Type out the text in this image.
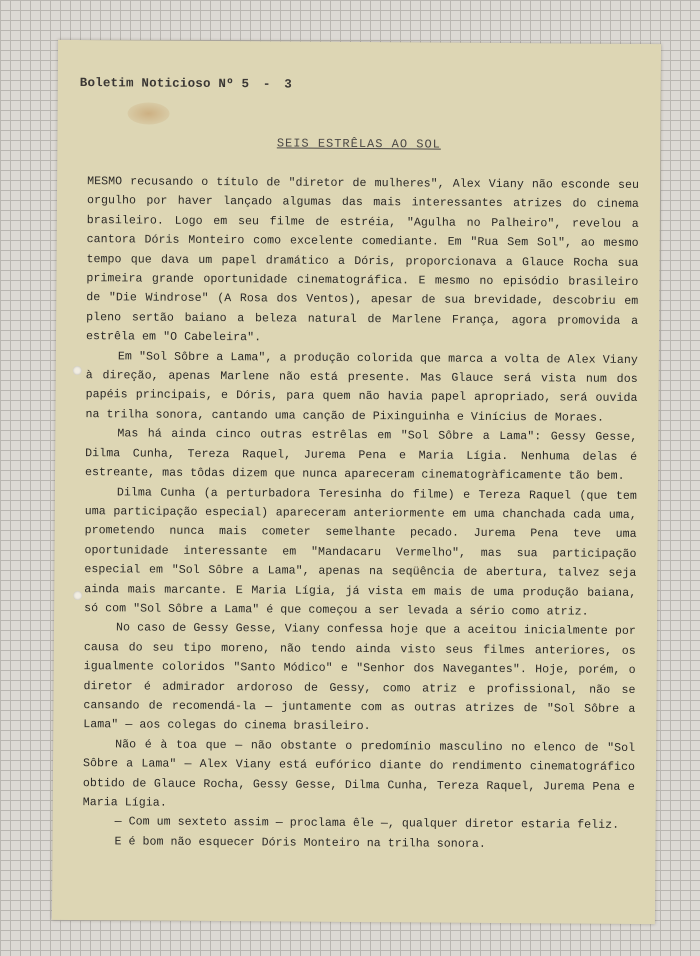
Boletim Noticioso Nº 5 - 3
SEIS ESTRÊLAS AO SOL

MESMO recusando o título de "diretor de mulheres", Alex Viany não esconde seu orgulho por haver lançado algumas das mais interessantes atrizes do cinema brasileiro. Logo em seu filme de estréia, "Agulha no Palheiro", revelou a cantora Dóris Monteiro como excelente comediante. Em "Rua Sem Sol", ao mesmo tempo que dava um papel dramático a Dóris, proporcionava a Glauce Rocha sua primeira grande oportunidade cinematográfica. E mesmo no episódio brasileiro de "Die Windrose" (A Rosa dos Ventos), apesar de sua brevidade, descobriu em pleno sertão baiano a beleza natural de Marlene França, agora promovida a estrêla em "O Cabeleira".

Em "Sol Sôbre a Lama", a produção colorida que marca a volta de Alex Viany à direção, apenas Marlene não está presente. Mas Glauce será vista num dos papéis principais, e Dóris, para quem não havia papel apropriado, será ouvida na trilha sonora, cantando uma canção de Pixinguinha e Vinícius de Moraes.

Mas há ainda cinco outras estrêlas em "Sol Sôbre a Lama": Gessy Gesse, Dilma Cunha, Tereza Raquel, Jurema Pena e Maria Lígia. Nenhuma delas é estreante, mas tôdas dizem que nunca apareceram cinematogràficamente tão bem.

Dilma Cunha (a perturbadora Teresinha do filme) e Tereza Raquel (que tem uma participação especial) apareceram anteriormente em uma chanchada cada uma, prometendo nunca mais cometer semelhante pecado. Jurema Pena teve uma oportunidade interessante em "Mandacaru Vermelho", mas sua participação especial em "Sol Sôbre a Lama", apenas na seqüência de abertura, talvez seja ainda mais marcante. E Maria Lígia, já vista em mais de uma produção baiana, só com "Sol Sôbre a Lama" é que começou a ser levada a sério como atriz.

No caso de Gessy Gesse, Viany confessa hoje que a aceitou inicialmente por causa do seu tipo moreno, não tendo ainda visto seus filmes anteriores, os igualmente coloridos "Santo Módico" e "Senhor dos Navegantes". Hoje, porém, o diretor é admirador ardoroso de Gessy, como atriz e profissional, não se cansando de recomendá-la — juntamente com as outras atrizes de "Sol Sôbre a Lama" — aos colegas do cinema brasileiro.

Não é à toa que — não obstante o predomínio masculino no elenco de "Sol Sôbre a Lama" — Alex Viany está eufórico diante do rendimento cinematográfico obtido de Glauce Rocha, Gessy Gesse, Dilma Cunha, Tereza Raquel, Jurema Pena e Maria Lígia.

— Com um sexteto assim — proclama êle —, qualquer diretor estaria feliz.

E é bom não esquecer Dóris Monteiro na trilha sonora.
